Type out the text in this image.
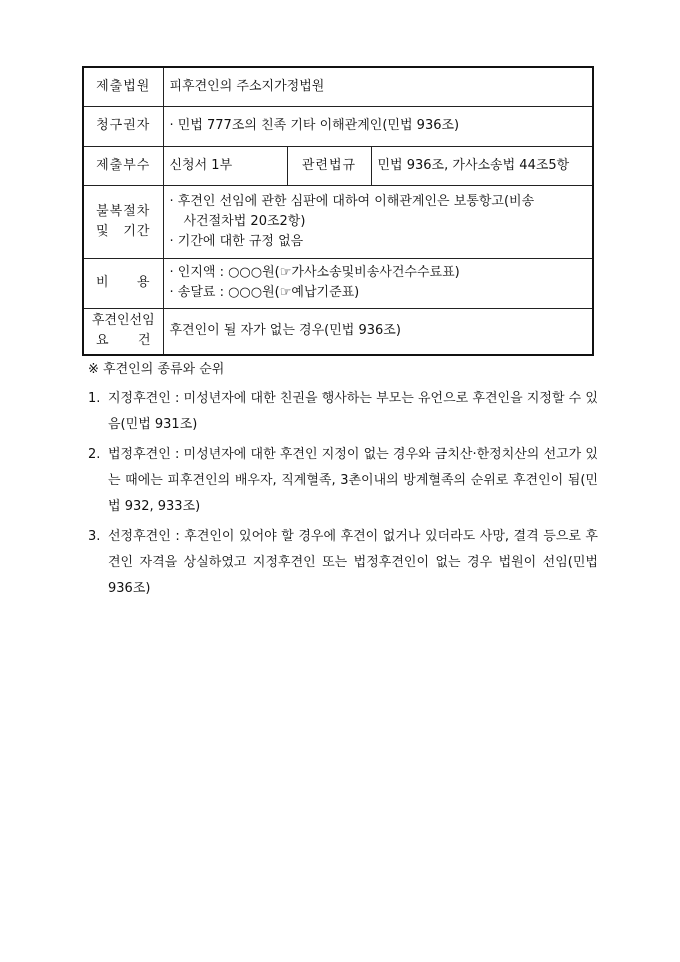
제출법원	피후견인의 주소지가정법원		
청구권자	· 민법 777조의 친족 기타 이해관계인(민법 936조)		
제출부수	신청서 1부	관련법규	민법 936조, 가사소송법 44조5항

불복절차
및 기간	· 후견인 선임에 관한 심판에 대하여 이해관계인은 보통항고(비송
사건절차법 20조2항)
· 기간에 대한 규정 없음		

비 용	· 인지액 : ○○○원(☞가사소송및비송사건수수료표)
· 송달료 : ○○○원(☞예납기준표)		

후견인선임
요 건	후견인이 될 자가 없는 경우(민법 936조)		
※ 후견인의 종류와 순위
1. 지정후견인 : 미성년자에 대한 친권을 행사하는 부모는 유언으로 후견인을 지정할 수 있음(민법 931조)
2. 법정후견인 : 미성년자에 대한 후견인 지정이 없는 경우와 금치산·한정치산의 선고가 있는 때에는 피후견인의 배우자, 직계혈족, 3촌이내의 방계혈족의 순위로 후견인이 됨(민법 932, 933조)
3. 선정후견인 : 후견인이 있어야 할 경우에 후견이 없거나 있더라도 사망, 결격 등으로 후견인 자격을 상실하였고 지정후견인 또는 법정후견인이 없는 경우 법원이 선임(민법 936조)
